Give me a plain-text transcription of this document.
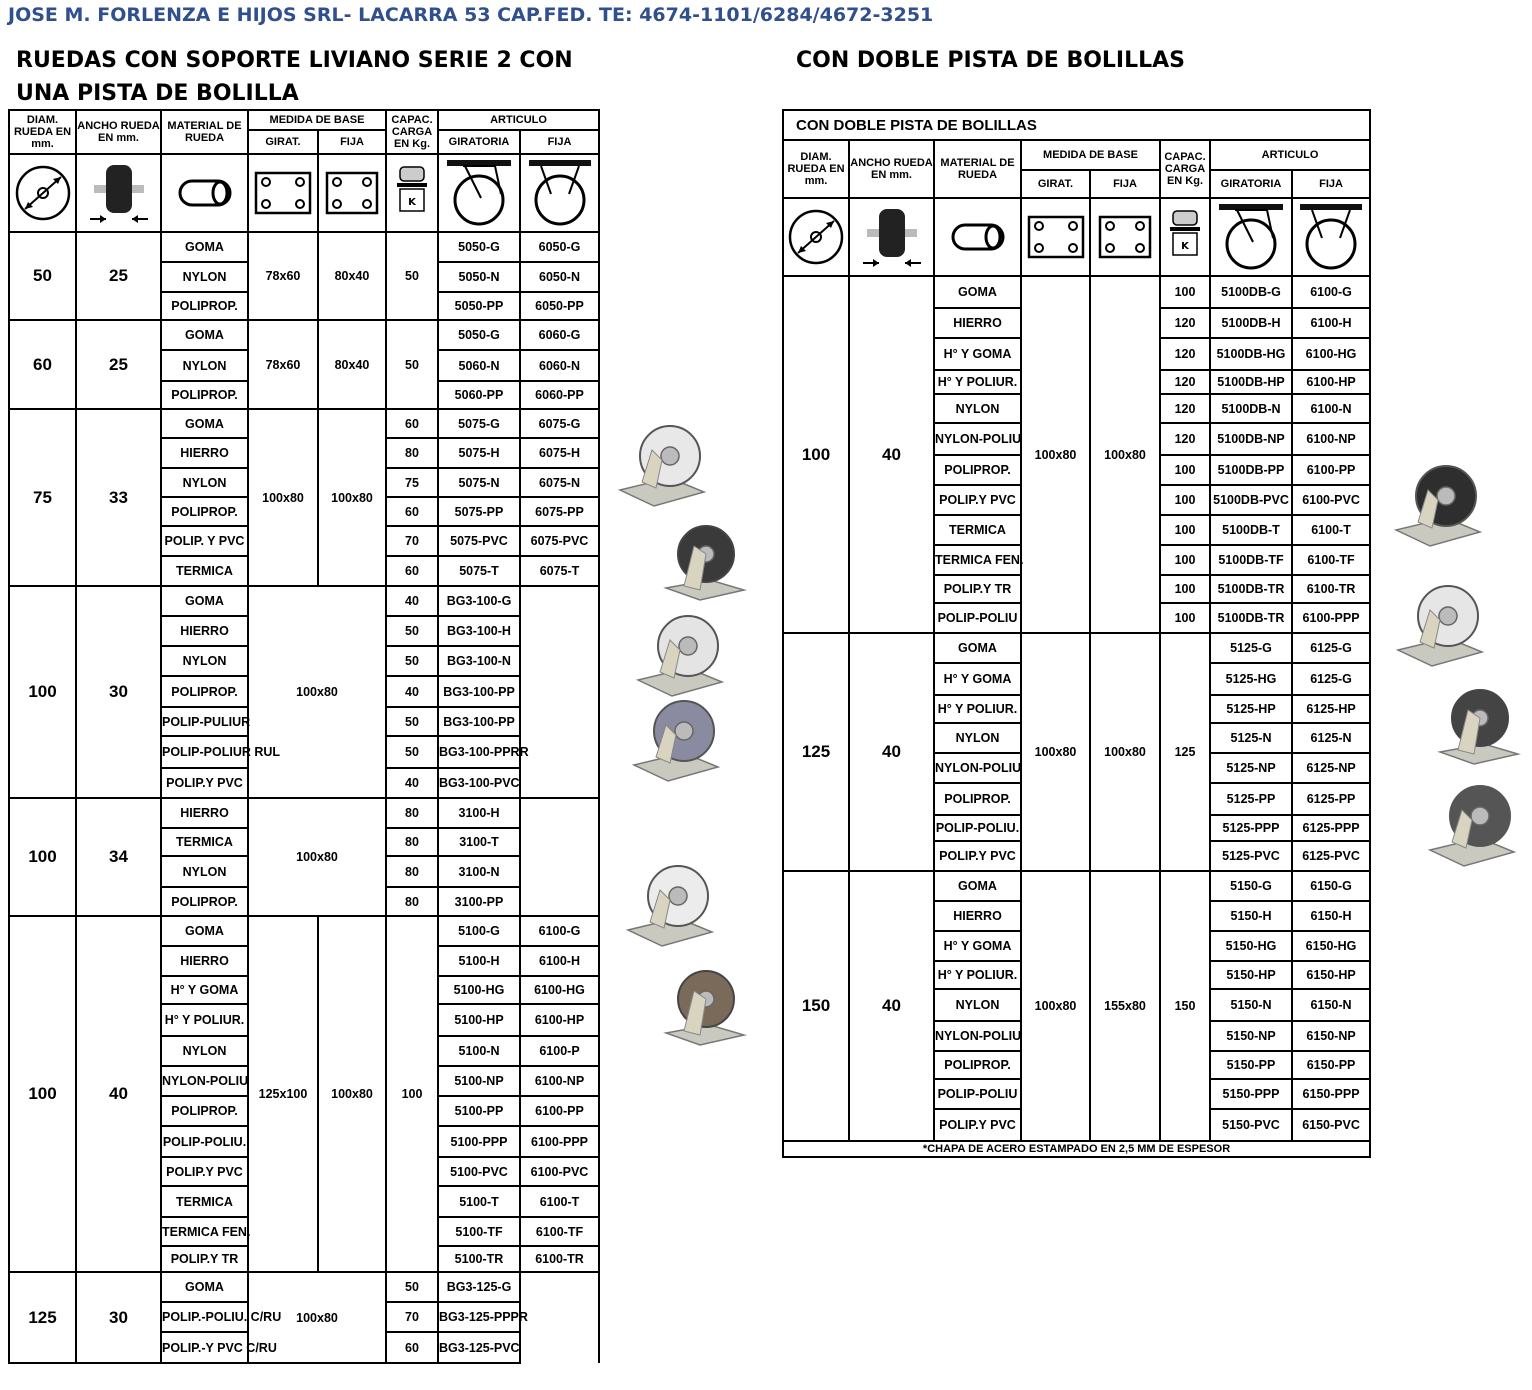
JOSE M. FORLENZA E HIJOS SRL- LACARRA 53 CAP.FED. TE: 4674-1101/6284/4672-3251
RUEDAS CON SOPORTE LIVIANO SERIE 2 CON UNA PISTA DE BOLILLA
CON DOBLE PISTA DE BOLILLAS
DIAM. RUEDA EN mm.	ANCHO RUEDA EN mm.	MATERIAL DE RUEDA	MEDIDA DE BASE		CAPAC. CARGA EN Kg.	ARTICULO	
			GIRAT.	FIJA		GIRATORIA	FIJA

K

50	25	GOMA	78x60	80x40	50	5050-G	6050-G
		NYLON				5050-N	6050-N
		POLIPROP.				5050-PP	6050-PP
60	25	GOMA	78x60	80x40	50	5050-G	6060-G
		NYLON				5060-N	6060-N
		POLIPROP.				5060-PP	6060-PP
75	33	GOMA	100x80	100x80	60	5075-G	6075-G
		HIERRO			80	5075-H	6075-H
		NYLON			75	5075-N	6075-N
		POLIPROP.			60	5075-PP	6075-PP
		POLIP. Y PVC			70	5075-PVC	6075-PVC
		TERMICA			60	5075-T	6075-T
100	30	GOMA	100x80		40	BG3-100-G	
		HIERRO			50	BG3-100-H	
		NYLON			50	BG3-100-N	
		POLIPROP.			40	BG3-100-PP	
		POLIP-PULIUR			50	BG3-100-PP	
		POLIP-POLIUR RUL			50	BG3-100-PPRR	
		POLIP.Y PVC			40	BG3-100-PVC	
100	34	HIERRO	100x80		80	3100-H	
		TERMICA			80	3100-T	
		NYLON			80	3100-N	
		POLIPROP.			80	3100-PP	
100	40	GOMA	125x100	100x80	100	5100-G	6100-G
		HIERRO				5100-H	6100-H
		H° Y GOMA				5100-HG	6100-HG
		H° Y POLIUR.				5100-HP	6100-HP
		NYLON				5100-N	6100-P
		NYLON-POLIU				5100-NP	6100-NP
		POLIPROP.				5100-PP	6100-PP
		POLIP-POLIU.				5100-PPP	6100-PPP
		POLIP.Y PVC				5100-PVC	6100-PVC
		TERMICA				5100-T	6100-T
		TERMICA FEN.				5100-TF	6100-TF
		POLIP.Y TR				5100-TR	6100-TR
125	30	GOMA	100x80		50	BG3-125-G	
		POLIP.-POLIU. C/RU			70	BG3-125-PPPR	
		POLIP.-Y PVC C/RU			60	BG3-125-PVC	
CON DOBLE PISTA DE BOLILLAS							
DIAM. RUEDA EN mm.	ANCHO RUEDA EN mm.	MATERIAL DE RUEDA	MEDIDA DE BASE		CAPAC. CARGA EN Kg.	ARTICULO	
			GIRAT.	FIJA		GIRATORIA	FIJA

K

100	40	GOMA	100x80	100x80	100	5100DB-G	6100-G
		HIERRO			120	5100DB-H	6100-H
		H° Y GOMA			120	5100DB-HG	6100-HG
		H° Y POLIUR.			120	5100DB-HP	6100-HP
		NYLON			120	5100DB-N	6100-N
		NYLON-POLIU			120	5100DB-NP	6100-NP
		POLIPROP.			100	5100DB-PP	6100-PP
		POLIP.Y PVC			100	5100DB-PVC	6100-PVC
		TERMICA			100	5100DB-T	6100-T
		TERMICA FEN.			100	5100DB-TF	6100-TF
		POLIP.Y TR			100	5100DB-TR	6100-TR
		POLIP-POLIU			100	5100DB-TR	6100-PPP
125	40	GOMA	100x80	100x80	125	5125-G	6125-G
		H° Y GOMA				5125-HG	6125-G
		H° Y POLIUR.				5125-HP	6125-HP
		NYLON				5125-N	6125-N
		NYLON-POLIU				5125-NP	6125-NP
		POLIPROP.				5125-PP	6125-PP
		POLIP-POLIU.				5125-PPP	6125-PPP
		POLIP.Y PVC				5125-PVC	6125-PVC
150	40	GOMA	100x80	155x80	150	5150-G	6150-G
		HIERRO				5150-H	6150-H
		H° Y GOMA				5150-HG	6150-HG
		H° Y POLIUR.				5150-HP	6150-HP
		NYLON				5150-N	6150-N
		NYLON-POLIU				5150-NP	6150-NP
		POLIPROP.				5150-PP	6150-PP
		POLIP-POLIU				5150-PPP	6150-PPP
		POLIP.Y PVC				5150-PVC	6150-PVC
*CHAPA DE ACERO ESTAMPADO EN 2,5 MM DE ESPESOR							
